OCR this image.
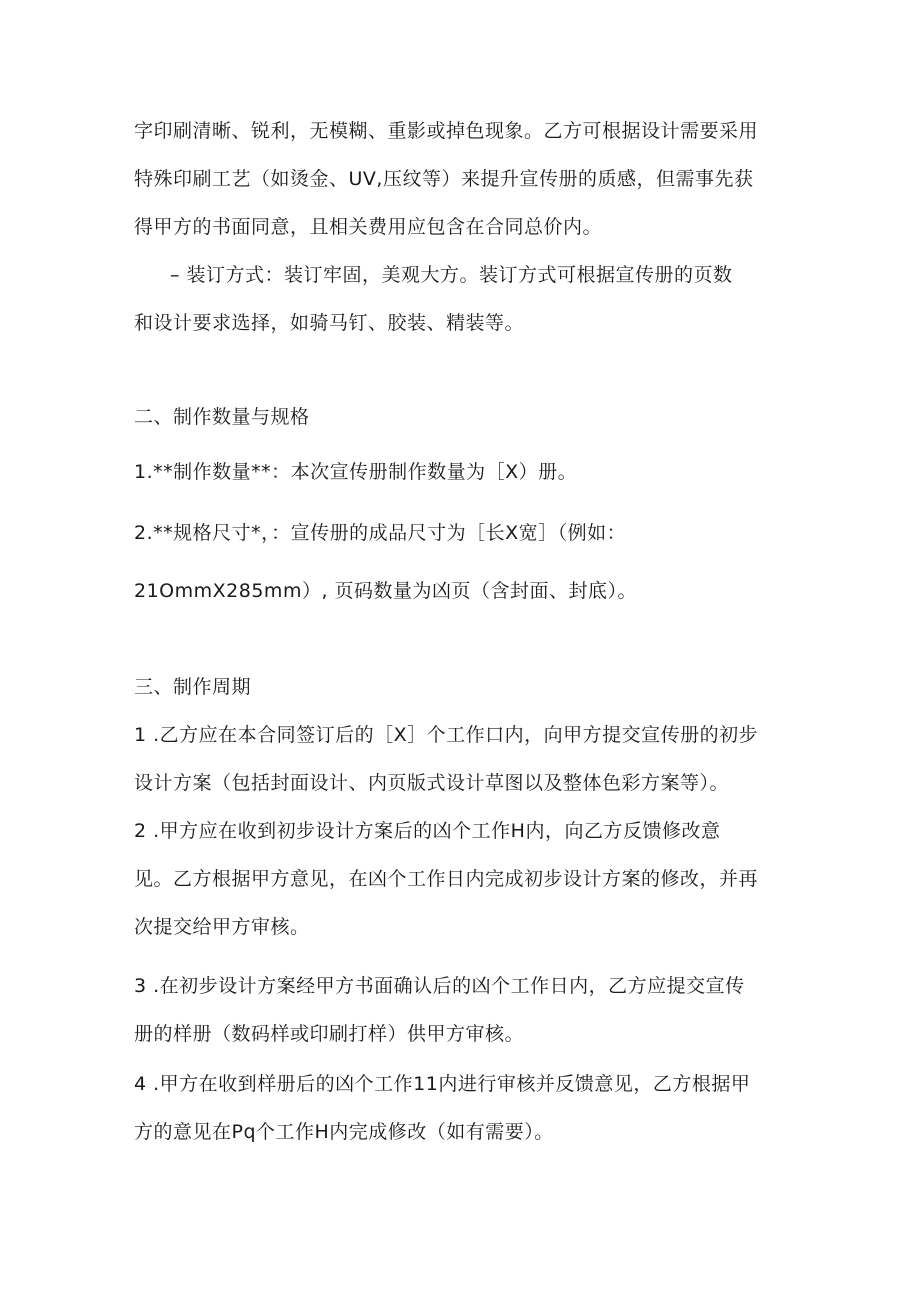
字印刷清晰、锐利，无模糊、重影或掉色现象。乙方可根据设计需要采用
特殊印刷工艺（如烫金、UV,压纹等）来提升宣传册的质感，但需事先获
得甲方的书面同意，且相关费用应包含在合同总价内。
– 装订方式：装订牢固，美观大方。装订方式可根据宣传册的页数
和设计要求选择，如骑马钉、胶装、精装等。
二、制作数量与规格
1.**制作数量**：本次宣传册制作数量为［X）册。
2.**规格尺寸*，：宣传册的成品尺寸为［长X宽］（例如：
21OmmX285mm）, 页码数量为凶页（含封面、封底）。
三、制作周期
1 .乙方应在本合同签订后的［X］个工作口内，向甲方提交宣传册的初步
设计方案（包括封面设计、内页版式设计草图以及整体色彩方案等）。
2 .甲方应在收到初步设计方案后的凶个工作H内，向乙方反馈修改意
见。乙方根据甲方意见，在凶个工作日内完成初步设计方案的修改，并再
次提交给甲方审核。
3 .在初步设计方案经甲方书面确认后的凶个工作日内，乙方应提交宣传
册的样册（数码样或印刷打样）供甲方审核。
4 .甲方在收到样册后的凶个工作11内进行审核并反馈意见，乙方根据甲
方的意见在Pq个工作H内完成修改（如有需要）。
